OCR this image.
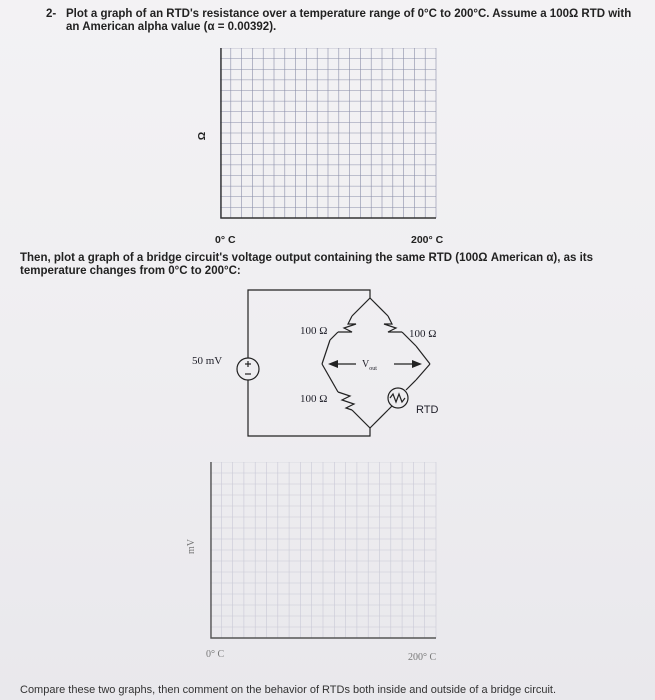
2- Plot a graph of an RTD's resistance over a temperature range of 0°C to 200°C. Assume a 100Ω RTD with
an American alpha value (α = 0.00392).
Ω
0° C	200° C
Then, plot a graph of a bridge circuit's voltage output containing the same RTD (100Ω American α), as its
temperature changes from 0°C to 200°C:
100 Ω	100 Ω
100 Ω
50 mV	$V_{out}$
RTD
mV
0° C	200° C
Compare these two graphs, then comment on the behavior of RTDs both inside and outside of a bridge circuit.
